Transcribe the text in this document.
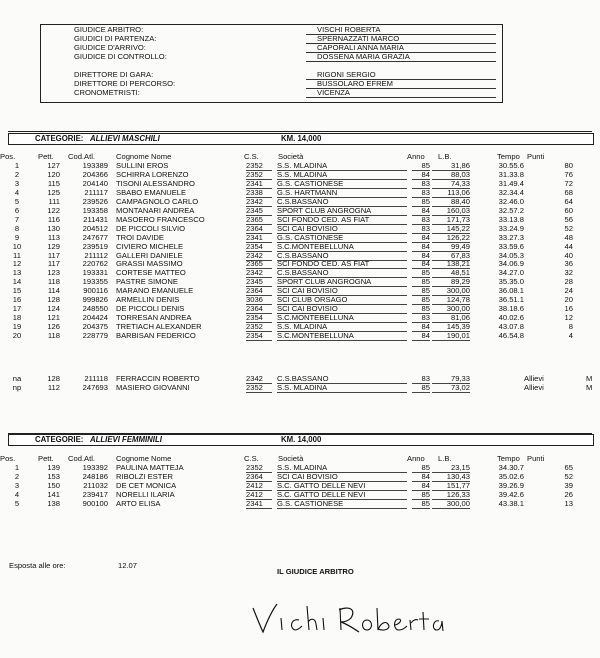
GIUDICE ARBITRO:	VISCHI ROBERTA
GIUDICI DI PARTENZA:	SPERNAZZATI MARCO
GIUDICE D'ARRIVO:	CAPORALI ANNA MARIA
GIUDICE DI CONTROLLO:	DOSSENA MARIA GRAZIA
DIRETTORE DI GARA:	RIGONI SERGIO
DIRETTORE DI PERCORSO:	BUSSOLARO EFREM
CRONOMETRISTI:	VICENZA
CATEGORIE: ALLIEVI MASCHILI	KM. 14,000
Pos.	Pett.	Cod.Atl.	Cognome Nome	C.S.	Società	Anno	L.B.	Tempo Punti
1	127	193389 SULLINI EROS	2352	S.S. MLADINA	85	31,86	30.55.6	80
2	120	204366 SCHIRRA LORENZO	2352	S.S. MLADINA	84	88,03	31.33.8	76
3	115	204140 TISONI ALESSANDRO	2341	G.S. CASTIONESE	83	74,33	31.49.4	72
4	125	211117 SBABO EMANUELE	2338	G.S. HARTMANN	83	113,06	32.34.4	68
5	111	239526 CAMPAGNOLO CARLO	2342	C.S.BASSANO	85	88,40	32.46.0	64
6	122	193358 MONTANARI ANDREA	2345	SPORT CLUB ANGROGNA	84	160,03	32.57.2	60
7	116	211431 MASOERO FRANCESCO	2365	SCI FONDO CED. AS FIAT	83	171,73	33.13.8	56
8	130	204512 DE PICCOLI SILVIO	2364	SCI CAI BOVISIO	83	145,22	33.24.9	52
9	113	247677 TROI DAVIDE	2341	G.S. CASTIONESE	84	126,22	33.27.3	48
10	129	239519 CIVIERO MICHELE	2354	S.C.MONTEBELLUNA	84	99,49	33.59.6	44
11	117	211112 GALLERI DANIELE	2342	C.S.BASSANO	84	67,83	34.05.3	40
12	117	220762 GRASSI MASSIMO	2365	SCI FONDO CED. AS FIAT	84	138,21	34.06.9	36
13	123	193331 CORTESE MATTEO	2342	C.S.BASSANO	85	48,51	34.27.0	32
14	118	193355 PASTRE SIMONE	2345	SPORT CLUB ANGROGNA	85	89,29	35.35.0	28
15	114	900116 MARANO EMANUELE	2364	SCI CAI BOVISIO	85	300,00	36.08.1	24
16	128	999826 ARMELLIN DENIS	3036	SCI CLUB ORSAGO	85	124,78	36.51.1	20
17	124	248550 DE PICCOLI DENIS	2364	SCI CAI BOVISIO	85	300,00	38.18.6	16
18	121	204424 TORRESAN ANDREA	2354	S.C.MONTEBELLUNA	83	81,06	40.02.6	12
19	126	204375 TRETIACH ALEXANDER	2352	S.S. MLADINA	84	145,39	43.07.8	8
20	118	228779 BARBISAN FEDERICO	2354	S.C.MONTEBELLUNA	84	190,01	46.54.8	4
na	128	211118 FERRACCIN ROBERTO	2342	C.S.BASSANO	83	79,33	Allievi	M
np	112	247693 MASIERO GIOVANNI	2352	S.S. MLADINA	85	73,02	Allievi	M
CATEGORIE: ALLIEVI FEMMINILI	KM. 14,000
Pos.	Pett.	Cod.Atl.	Cognome Nome	C.S.	Società	Anno	L.B.	Tempo Punti
1	139	193392 PAULINA MATTEJA	2352	S.S. MLADINA	85	23,15	34.30.7	65
2	153	248186 RIBOLZI ESTER	2364	SCI CAI BOVISIO	84	130,43	35.02.6	52
3	150	211032 DE CET MONICA	2412	S.C. GATTO DELLE NEVI	84	151,77	39.26.9	39
4	141	239417 NORELLI ILARIA	2412	S.C. GATTO DELLE NEVI	85	126,33	39.42.6	26
5	138	900100 ARTO ELISA	2341	G.S. CASTIONESE	85	300,00	43.38.1	13
Esposta alle ore:	12.07
IL GIUDICE ARBITRO
